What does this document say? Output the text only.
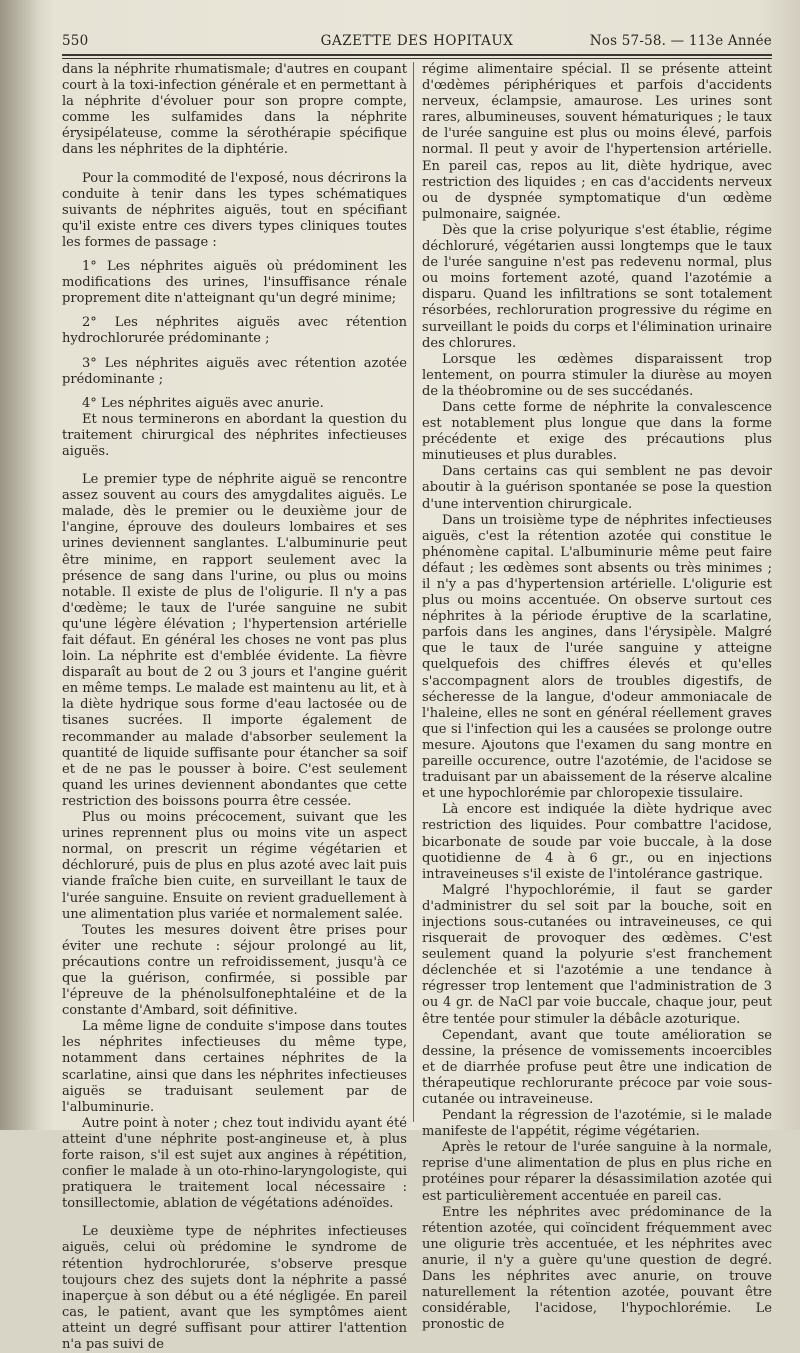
GAZETTE DES HOPITAUX
550	Nos 57-58. — 113e Année

dans la néphrite rhumatismale; d'autres en coupant court à la toxi-infection générale et en permettant à la néphrite d'évoluer pour son propre compte, comme les sulfamides dans la néphrite érysipélateuse, comme la sérothérapie spécifique dans les néphrites de la diphtérie.

Pour la commodité de l'exposé, nous décrirons la conduite à tenir dans les types schématiques suivants de néphrites aiguës, tout en spécifiant qu'il existe entre ces divers types cliniques toutes les formes de passage :

1° Les néphrites aiguës où prédominent les modifications des urines, l'insuffisance rénale proprement dite n'atteignant qu'un degré minime;

2° Les néphrites aiguës avec rétention hydrochlorurée prédominante ;

3° Les néphrites aiguës avec rétention azotée prédominante ;

4° Les néphrites aiguës avec anurie.

Et nous terminerons en abordant la question du traitement chirurgical des néphrites infectieuses aiguës.

Le premier type de néphrite aiguë se rencontre assez souvent au cours des amygdalites aiguës. Le malade, dès le premier ou le deuxième jour de l'angine, éprouve des douleurs lombaires et ses urines deviennent sanglantes. L'albuminurie peut être minime, en rapport seulement avec la présence de sang dans l'urine, ou plus ou moins notable. Il existe de plus de l'oligurie. Il n'y a pas d'œdème; le taux de l'urée sanguine ne subit qu'une légère élévation ; l'hypertension artérielle fait défaut. En général les choses ne vont pas plus loin. La néphrite est d'emblée évidente. La fièvre disparaît au bout de 2 ou 3 jours et l'angine guérit en même temps. Le malade est maintenu au lit, et à la diète hydrique sous forme d'eau lactosée ou de tisanes sucrées. Il importe également de recommander au malade d'absorber seulement la quantité de liquide suffisante pour étancher sa soif et de ne pas le pousser à boire. C'est seulement quand les urines deviennent abondantes que cette restriction des boissons pourra être cessée.

Plus ou moins précocement, suivant que les urines reprennent plus ou moins vite un aspect normal, on prescrit un régime végétarien et déchloruré, puis de plus en plus azoté avec lait puis viande fraîche bien cuite, en surveillant le taux de l'urée sanguine. Ensuite on revient graduellement à une alimentation plus variée et normalement salée.

Toutes les mesures doivent être prises pour éviter une rechute : séjour prolongé au lit, précautions contre un refroidissement, jusqu'à ce que la guérison, confirmée, si possible par l'épreuve de la phénolsulfonephtaléine et de la constante d'Ambard, soit définitive.

La même ligne de conduite s'impose dans toutes les néphrites infectieuses du même type, notamment dans certaines néphrites de la scarlatine, ainsi que dans les néphrites infectieuses aiguës se traduisant seulement par de l'albuminurie.

Autre point à noter ; chez tout individu ayant été atteint d'une néphrite post-angineuse et, à plus forte raison, s'il est sujet aux angines à répétition, confier le malade à un oto-rhino-laryngologiste, qui pratiquera le traitement local nécessaire : tonsillectomie, ablation de végétations adénoïdes.

Le deuxième type de néphrites infectieuses aiguës, celui où prédomine le syndrome de rétention hydrochlorurée, s'observe presque toujours chez des sujets dont la néphrite a passé inaperçue à son début ou a été négligée. En pareil cas, le patient, avant que les symptômes aient atteint un degré suffisant pour attirer l'attention n'a pas suivi de

régime alimentaire spécial. Il se présente atteint d'œdèmes périphériques et parfois d'accidents nerveux, éclampsie, amaurose. Les urines sont rares, albumineuses, souvent hématuriques ; le taux de l'urée sanguine est plus ou moins élevé, parfois normal. Il peut y avoir de l'hypertension artérielle. En pareil cas, repos au lit, diète hydrique, avec restriction des liquides ; en cas d'accidents nerveux ou de dyspnée symptomatique d'un œdème pulmonaire, saignée.

Dès que la crise polyurique s'est établie, régime déchloruré, végétarien aussi longtemps que le taux de l'urée sanguine n'est pas redevenu normal, plus ou moins fortement azoté, quand l'azotémie a disparu. Quand les infiltrations se sont totalement résorbées, rechloruration progressive du régime en surveillant le poids du corps et l'élimination urinaire des chlorures.

Lorsque les œdèmes disparaissent trop lentement, on pourra stimuler la diurèse au moyen de la théobromine ou de ses succédanés.

Dans cette forme de néphrite la convalescence est notablement plus longue que dans la forme précédente et exige des précautions plus minutieuses et plus durables.

Dans certains cas qui semblent ne pas devoir aboutir à la guérison spontanée se pose la question d'une intervention chirurgicale.

Dans un troisième type de néphrites infectieuses aiguës, c'est la rétention azotée qui constitue le phénomène capital. L'albuminurie même peut faire défaut ; les œdèmes sont absents ou très minimes ; il n'y a pas d'hypertension artérielle. L'oligurie est plus ou moins accentuée. On observe surtout ces néphrites à la période éruptive de la scarlatine, parfois dans les angines, dans l'érysipèle. Malgré que le taux de l'urée sanguine y atteigne quelquefois des chiffres élevés et qu'elles s'accompagnent alors de troubles digestifs, de sécheresse de la langue, d'odeur ammoniacale de l'haleine, elles ne sont en général réellement graves que si l'infection qui les a causées se prolonge outre mesure. Ajoutons que l'examen du sang montre en pareille occurence, outre l'azotémie, de l'acidose se traduisant par un abaissement de la réserve alcaline et une hypochlorémie par chloropexie tissulaire.

Là encore est indiquée la diète hydrique avec restriction des liquides. Pour combattre l'acidose, bicarbonate de soude par voie buccale, à la dose quotidienne de 4 à 6 gr., ou en injections intraveineuses s'il existe de l'intolérance gastrique.

Malgré l'hypochlorémie, il faut se garder d'administrer du sel soit par la bouche, soit en injections sous-cutanées ou intraveineuses, ce qui risquerait de provoquer des œdèmes. C'est seulement quand la polyurie s'est franchement déclenchée et si l'azotémie a une tendance à régresser trop lentement que l'administration de 3 ou 4 gr. de NaCl par voie buccale, chaque jour, peut être tentée pour stimuler la débâcle azoturique.

Cependant, avant que toute amélioration se dessine, la présence de vomissements incoercibles et de diarrhée profuse peut être une indication de thérapeutique rechlorurante précoce par voie sous-cutanée ou intraveineuse.

Pendant la régression de l'azotémie, si le malade manifeste de l'appétit, régime végétarien.

Après le retour de l'urée sanguine à la normale, reprise d'une alimentation de plus en plus riche en protéines pour réparer la désassimilation azotée qui est particulièrement accentuée en pareil cas.

Entre les néphrites avec prédominance de la rétention azotée, qui coïncident fréquemment avec une oligurie très accentuée, et les néphrites avec anurie, il n'y a guère qu'une question de degré. Dans les néphrites avec anurie, on trouve naturellement la rétention azotée, pouvant être considérable, l'acidose, l'hypochlorémie. Le pronostic de
